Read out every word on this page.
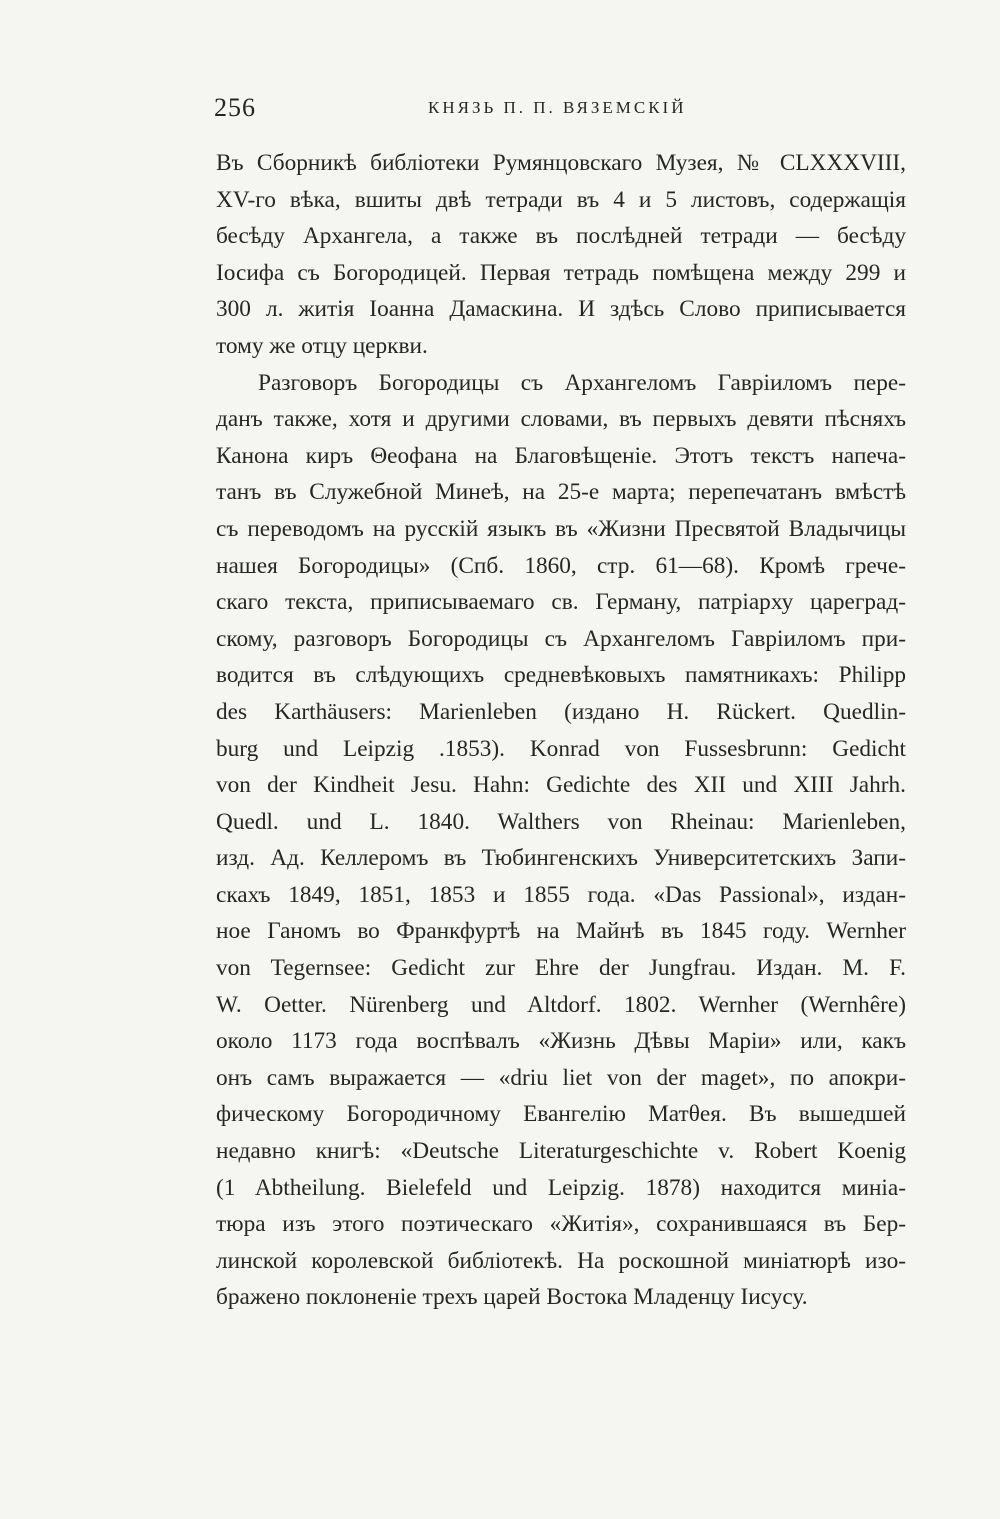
256	КНЯЗЬ П. П. ВЯЗЕМСКІЙ
Въ Сборникѣ библіотеки Румянцовскаго Музея, № CLXXXVIII,
XV-го вѣка, вшиты двѣ тетради въ 4 и 5 листовъ, содержащія
бесѣду Архангела, а также въ послѣдней тетради — бесѣду
Іосифа съ Богородицей. Первая тетрадь помѣщена между 299 и
300 л. житія Іоанна Дамаскина. И здѣсь Слово приписывается
тому же отцу церкви.
Разговоръ Богородицы съ Архангеломъ Гавріиломъ пере-
данъ также, хотя и другими словами, въ первыхъ девяти пѣсняхъ
Канона киръ Θеофана на Благовѣщеніе. Этотъ текстъ напеча-
танъ въ Служебной Минеѣ, на 25-е марта; перепечатанъ вмѣстѣ
съ переводомъ на русскій языкъ въ «Жизни Пресвятой Владычицы
нашея Богородицы» (Спб. 1860, стр. 61—68). Кромѣ грече-
скаго текста, приписываемаго св. Герману, патріарху цареград-
скому, разговоръ Богородицы съ Архангеломъ Гавріиломъ при-
водится въ слѣдующихъ средневѣковыхъ памятникахъ: Philipp
des Karthäusers: Marienleben (издано H. Rückert. Quedlin-
burg und Leipzig .1853). Konrad von Fussesbrunn: Gedicht
von der Kindheit Jesu. Hahn: Gedichte des XII und XIII Jahrh.
Quedl. und L. 1840. Walthers von Rheinau: Marienleben,
изд. Ад. Келлеромъ въ Тюбингенскихъ Университетскихъ Запи-
скахъ 1849, 1851, 1853 и 1855 года. «Das Passional», издан-
ное Ганомъ во Франкфуртѣ на Майнѣ въ 1845 году. Wernher
von Tegernsee: Gedicht zur Ehre der Jungfrau. Издан. M. F.
W. Oetter. Nürenberg und Altdorf. 1802. Wernher (Wernhêre)
около 1173 года воспѣвалъ «Жизнь Дѣвы Маріи» или, какъ
онъ самъ выражается — «driu liet von der maget», по апокри-
фическому Богородичному Евангелію Матθея. Въ вышедшей
недавно книгѣ: «Deutsche Literaturgeschichte v. Robert Koenig
(1 Abtheilung. Bielefeld und Leipzig. 1878) находится миніа-
тюра изъ этого поэтическаго «Житія», сохранившаяся въ Бер-
линской королевской библіотекѣ. На роскошной миніатюрѣ изо-
бражено поклоненіе трехъ царей Востока Младенцу Іисусу.
